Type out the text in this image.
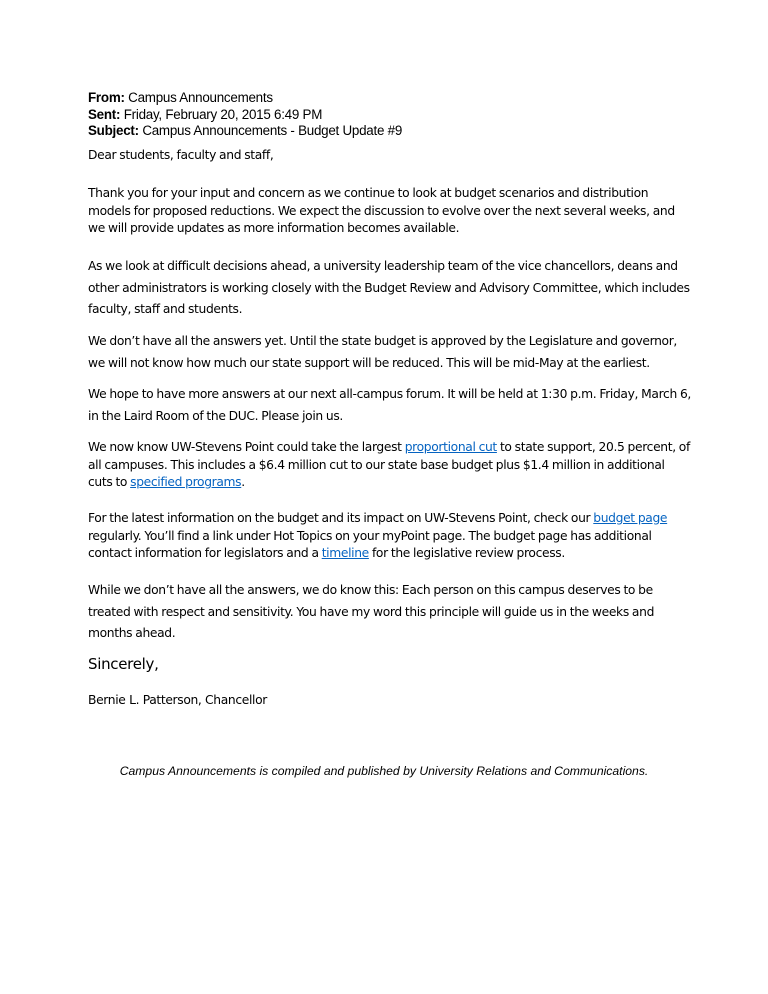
From: Campus Announcements
Sent: Friday, February 20, 2015 6:49 PM
Subject: Campus Announcements - Budget Update #9

Dear students, faculty and staff,

Thank you for your input and concern as we continue to look at budget scenarios and distribution models for proposed reductions. We expect the discussion to evolve over the next several weeks, and we will provide updates as more information becomes available.

As we look at difficult decisions ahead, a university leadership team of the vice chancellors, deans and other administrators is working closely with the Budget Review and Advisory Committee, which includes faculty, staff and students.

We don’t have all the answers yet. Until the state budget is approved by the Legislature and governor, we will not know how much our state support will be reduced. This will be mid-May at the earliest.

We hope to have more answers at our next all-campus forum. It will be held at 1:30 p.m. Friday, March 6, in the Laird Room of the DUC. Please join us.

We now know UW-Stevens Point could take the largest proportional cut to state support, 20.5 percent, of all campuses. This includes a $6.4 million cut to our state base budget plus $1.4 million in additional cuts to specified programs.

For the latest information on the budget and its impact on UW-Stevens Point, check our budget page regularly. You’ll find a link under Hot Topics on your myPoint page. The budget page has additional contact information for legislators and a timeline for the legislative review process.

While we don’t have all the answers, we do know this: Each person on this campus deserves to be treated with respect and sensitivity. You have my word this principle will guide us in the weeks and months ahead.

Sincerely,
Bernie L. Patterson, Chancellor
Campus Announcements is compiled and published by University Relations and Communications.
